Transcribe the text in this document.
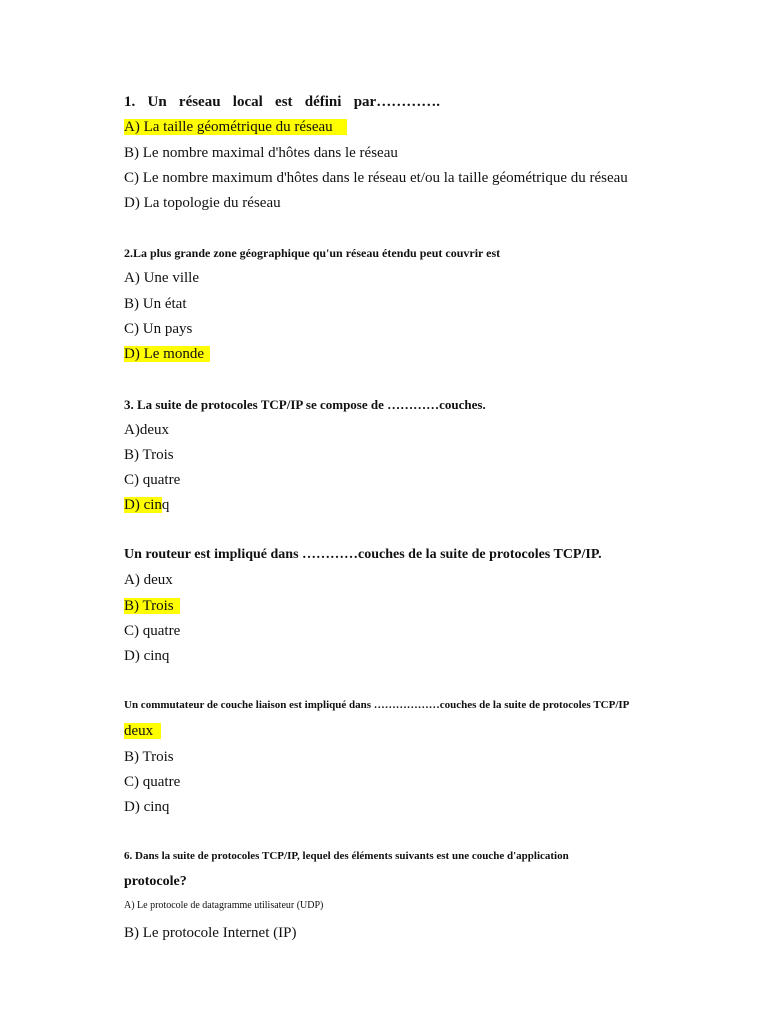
1. Un réseau local est défini par………….
A) La taille géométrique du réseau
B) Le nombre maximal d'hôtes dans le réseau
C) Le nombre maximum d'hôtes dans le réseau et/ou la taille géométrique du réseau
D) La topologie du réseau
2.La plus grande zone géographique qu'un réseau étendu peut couvrir est
A) Une ville
B) Un état
C) Un pays
D) Le monde
3. La suite de protocoles TCP/IP se compose de …………couches.
A)deux
B) Trois
C) quatre
D) cinq
Un routeur est impliqué dans …………couches de la suite de protocoles TCP/IP.
A) deux
B) Trois
C) quatre
D) cinq
Un commutateur de couche liaison est impliqué dans ………………couches de la suite de protocoles TCP/IP
deux
B) Trois
C) quatre
D) cinq
6. Dans la suite de protocoles TCP/IP, lequel des éléments suivants est une couche d'application
protocole?
A) Le protocole de datagramme utilisateur (UDP)
B) Le protocole Internet (IP)
